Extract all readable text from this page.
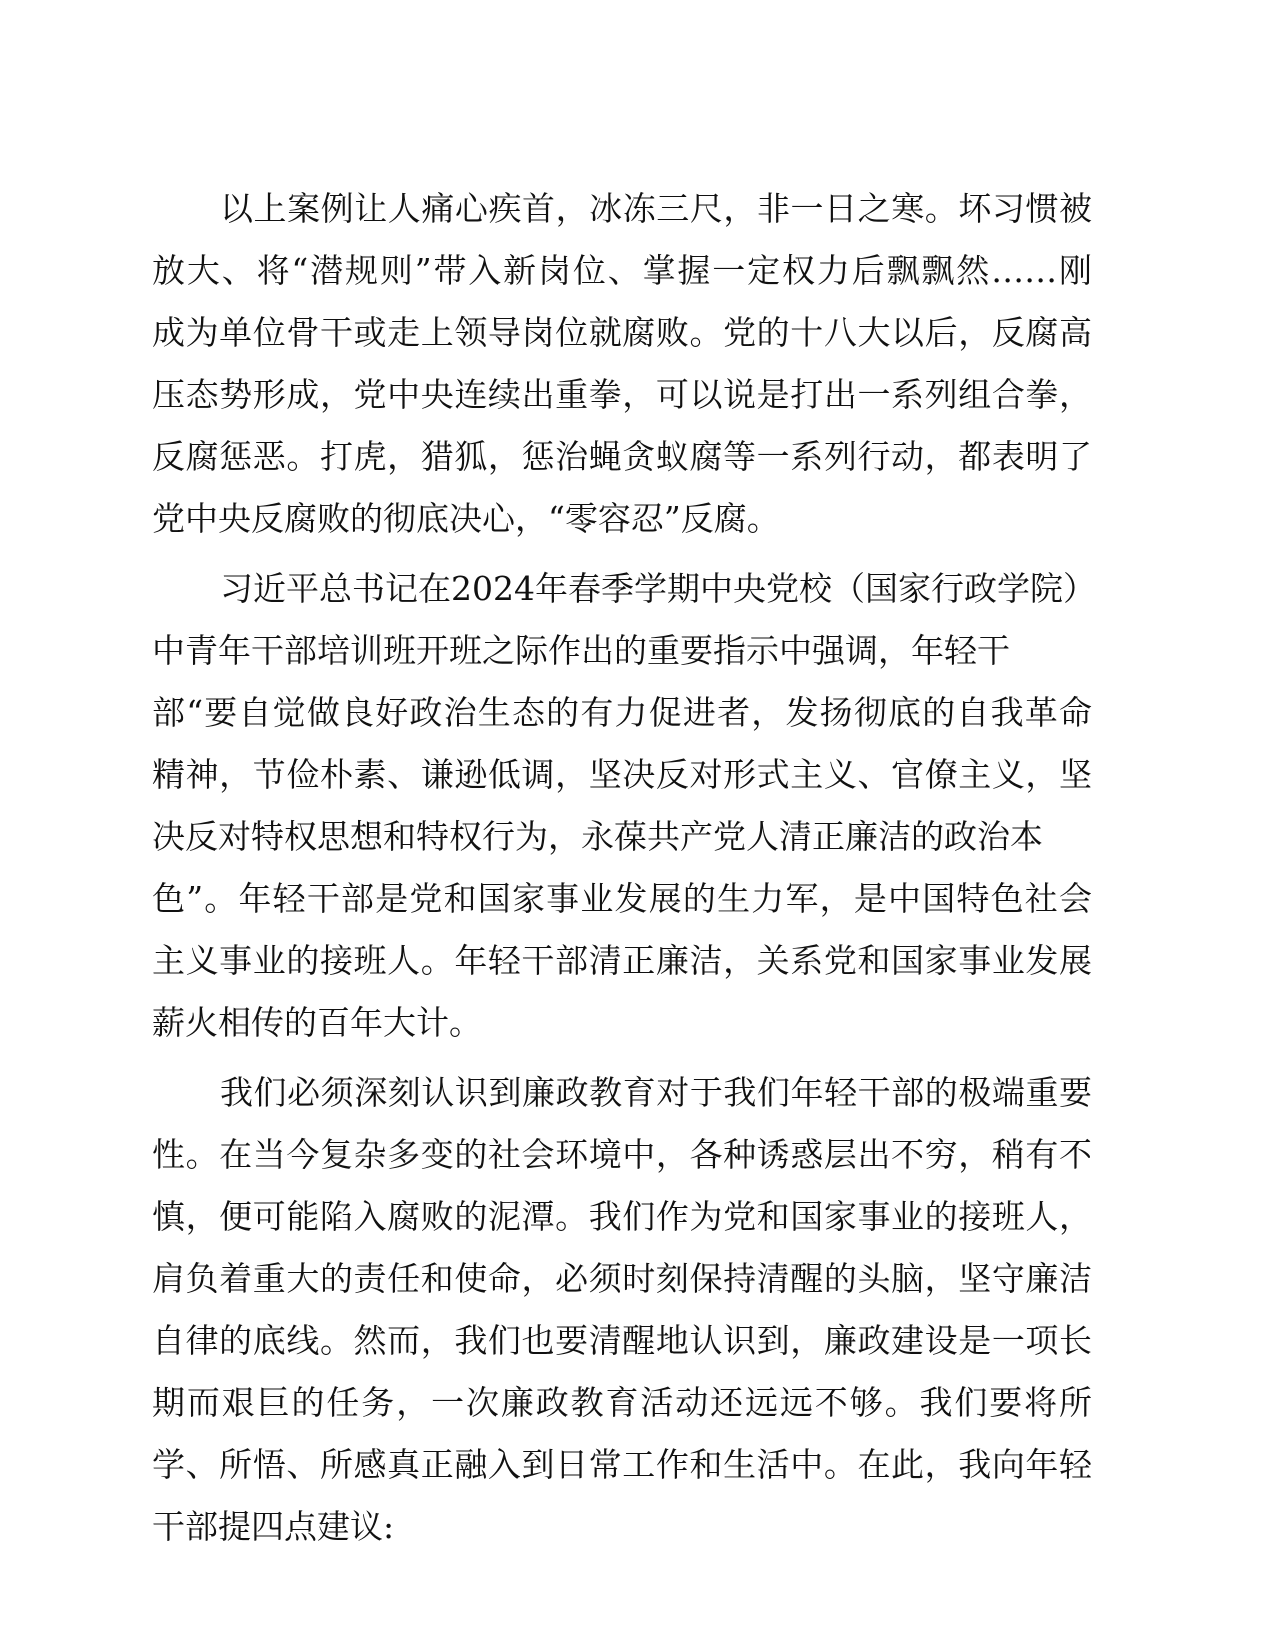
以上案例让人痛心疾首，冰冻三尺，非一日之寒。坏习惯被
放大、将“潜规则”带入新岗位、掌握一定权力后飘飘然……刚
成为单位骨干或走上领导岗位就腐败。党的十八大以后，反腐高
压态势形成，党中央连续出重拳，可以说是打出一系列组合拳，
反腐惩恶。打虎，猎狐，惩治蝇贪蚁腐等一系列行动，都表明了
党中央反腐败的彻底决心，“零容忍”反腐。
习近平总书记在2024年春季学期中央党校（国家行政学院）
中青年干部培训班开班之际作出的重要指示中强调，年轻干
部“要自觉做良好政治生态的有力促进者，发扬彻底的自我革命
精神，节俭朴素、谦逊低调，坚决反对形式主义、官僚主义，坚
决反对特权思想和特权行为，永葆共产党人清正廉洁的政治本
色”。年轻干部是党和国家事业发展的生力军，是中国特色社会
主义事业的接班人。年轻干部清正廉洁，关系党和国家事业发展
薪火相传的百年大计。
我们必须深刻认识到廉政教育对于我们年轻干部的极端重要
性。在当今复杂多变的社会环境中，各种诱惑层出不穷，稍有不
慎，便可能陷入腐败的泥潭。我们作为党和国家事业的接班人，
肩负着重大的责任和使命，必须时刻保持清醒的头脑，坚守廉洁
自律的底线。然而，我们也要清醒地认识到，廉政建设是一项长
期而艰巨的任务，一次廉政教育活动还远远不够。我们要将所
学、所悟、所感真正融入到日常工作和生活中。在此，我向年轻
干部提四点建议:
